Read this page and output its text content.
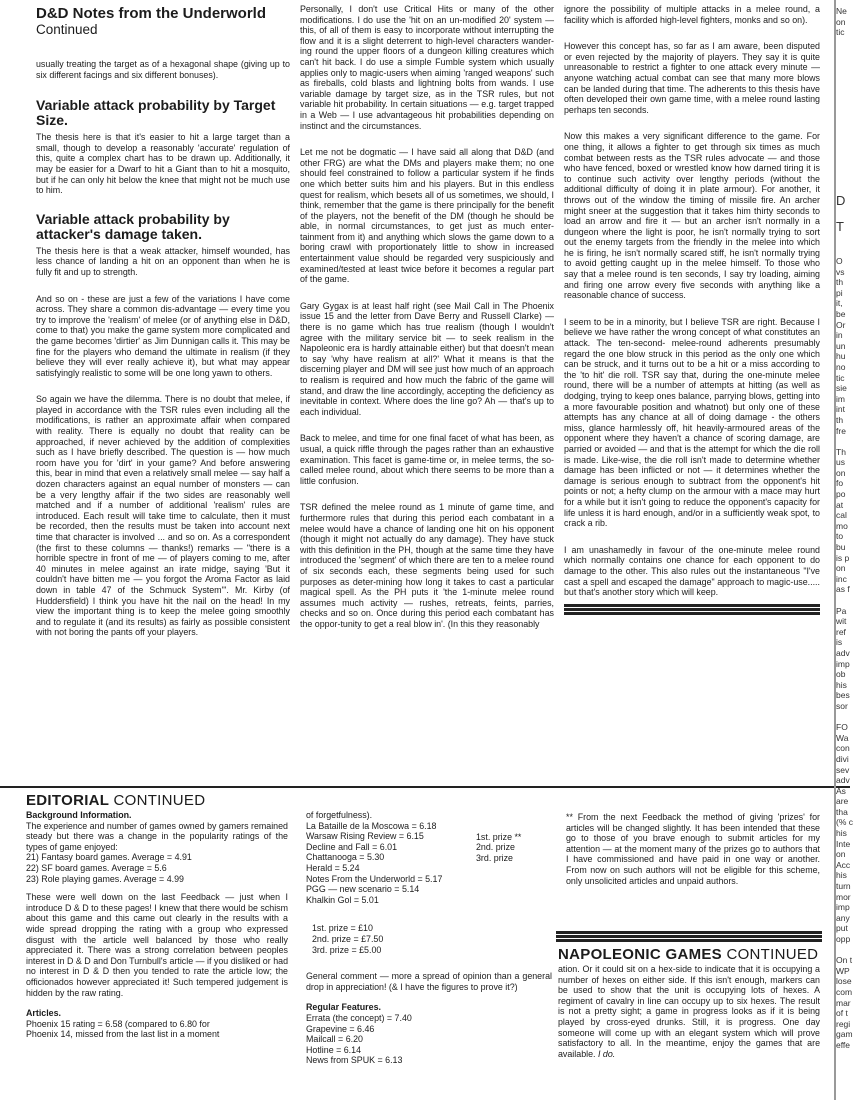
D&D Notes from the Underworld
Continued

usually treating the target as of a hexagonal shape (giving up to six different facings and six different bonuses).

Variable attack probability by Target Size.

The thesis here is that it's easier to hit a large target than a small, though to develop a reasonably 'accurate' regulation of this, quite a complex chart has to be drawn up. Additionally, it may be easier for a Dwarf to hit a Giant than to hit a mosquito, but if he can only hit below the knee that might not be much use to him.

Variable attack probability by attacker's damage taken.

The thesis here is that a weak attacker, himself wounded, has less chance of landing a hit on an opponent than when he is fully fit and up to strength.

And so on - these are just a few of the variations I have come across. They share a common dis-advantage — every time you try to improve the 'realism' of melee (or of anything else in D&D, come to that) you make the game system more complicated and the game becomes 'dirtier' as Jim Dunnigan calls it. This may be fine for the players who demand the ultimate in realism (if they believe they will ever really achieve it), but what may appear satisfyingly realistic to some will be one long yawn to others.

So again we have the dilemma. There is no doubt that melee, if played in accordance with the TSR rules even including all the modifications, is rather an approximate affair when compared with reality. There is equally no doubt that reality can be approached, if never achieved by the addition of complexities such as I have briefly described. The question is — how much room have you for 'dirt' in your game? And before answering this, bear in mind that even a relatively small melee — say half a dozen characters against an equal number of monsters — can be a very lengthy affair if the two sides are reasonably well matched and if a number of additional 'realism' rules are introduced. Each result will take time to calculate, then it must be recorded, then the results must be taken into account next time that character is involved ... and so on. As a correspondent (the first to these columns — thanks!) remarks — "there is a horrible spectre in front of me — of players coming to me, after 40 minutes in melee against an irate midge, saying 'But it couldn't have bitten me — you forgot the Aroma Factor as laid down in table 47 of the Schmuck System'". Mr. Kirby (of Huddersfield) I think you have hit the nail on the head! In my view the important thing is to keep the melee going smoothly and to regulate it (and its results) as fairly as possible consistent with not boring the pants off your players.

Personally, I don't use Critical Hits or many of the other modifications. I do use the 'hit on an un-modified 20' system — this, of all of them is easy to incorporate without interrupting the flow and it is a slight deterrent to high-level characters wander-ing round the upper floors of a dungeon killing creatures which can't hit back. I do use a simple Fumble system which usually applies only to magic-users when aiming 'ranged weapons' such as fireballs, cold blasts and lightning bolts from wands. I use variable damage by target size, as in the TSR rules, but not variable hit probability. In certain situations — e.g. target trapped in a Web — I use advantageous hit probabilities depending on instinct and the circumstances.

Let me not be dogmatic — I have said all along that D&D (and other FRG) are what the DMs and players make them; no one should feel constrained to follow a particular system if he finds one which better suits him and his players. But in this endless quest for realism, which besets all of us sometimes, we should, I think, remember that the game is there principally for the benefit of the players, not the benefit of the DM (though he should be able, in normal circumstances, to get just as much enter-tainment from it) and anything which slows the game down to a boring crawl with proportionately little to show in increased entertainment value should be regarded very suspiciously and examined/tested at least twice before it becomes a regular part of the game.

Gary Gygax is at least half right (see Mail Call in The Phoenix issue 15 and the letter from Dave Berry and Russell Clarke) — there is no game which has true realism (though I wouldn't agree with the military service bit — to seek realism in the Napoleonic era is hardly attainable either) but that doesn't mean to say 'why have realism at all?' What it means is that the discerning player and DM will see just how much of an approach to realism is required and how much the fabric of the game will stand, and draw the line accordingly, accepting the deficiency as inevitable in context. Where does the line go? Ah — that's up to each individual.

Back to melee, and time for one final facet of what has been, as usual, a quick riffle through the pages rather than an exhaustive examination. This facet is game-time or, in melee terms, the so-called melee round, about which there seems to be more than a little confusion.

TSR defined the melee round as 1 minute of game time, and furthermore rules that during this period each combatant in a melee would have a chance of landing one hit on his opponent (though it might not actually do any damage). They have stuck with this definition in the PH, though at the same time they have introduced the 'segment' of which there are ten to a melee round of six seconds each, these segments being used for such purposes as deter-mining how long it takes to cast a particular magical spell. As the PH puts it 'the 1-minute melee round assumes much activity — rushes, retreats, feints, parries, checks and so on. Once during this period each combatant has the oppor-tunity to get a real blow in'. (In this they reasonably

ignore the possibility of multiple attacks in a melee round, a facility which is afforded high-level fighters, monks and so on).

However this concept has, so far as I am aware, been disputed or even rejected by the majority of players. They say it is quite unreasonable to restrict a fighter to one attack every minute — anyone watching actual combat can see that many more blows can be landed during that time. The adherents to this thesis have often developed their own game time, with a melee round lasting perhaps ten seconds.

Now this makes a very significant difference to the game. For one thing, it allows a fighter to get through six times as much combat between rests as the TSR rules advocate — and those who have fenced, boxed or wrestled know how darned tiring it is to continue such activity over lengthy periods (without the additional difficulty of doing it in plate armour). For another, it throws out of the window the timing of missile fire. An archer might sneer at the suggestion that it takes him thirty seconds to load an arrow and fire it — but an archer isn't normally in a dungeon where the light is poor, he isn't normally trying to sort out the enemy targets from the friendly in the melee into which he is firing, he isn't normally scared stiff, he isn't normally trying to avoid getting caught up in the melee himself. To those who say that a melee round is ten seconds, I say try loading, aiming and firing one arrow every five seconds with anything like a reasonable chance of success.

I seem to be in a minority, but I believe TSR are right. Because I believe we have rather the wrong concept of what constitutes an attack. The ten-second- melee-round adherents presumably regard the one blow struck in this period as the only one which can be struck, and it turns out to be a hit or a miss according to the 'to hit' die roll. TSR say that, during the one-minute melee round, there will be a number of attempts at hitting (as well as dodging, trying to keep ones balance, parrying blows, getting into a more favourable position and whatnot) but only one of these attempts has any chance at all of doing damage - the others miss, glance harmlessly off, hit heavily-armoured areas of the opponent where they haven't a chance of scoring damage, are parried or avoided — and that is the attempt for which the die roll is made. Like-wise, the die roll isn't made to determine whether damage has been inflicted or not — it determines whether the damage is serious enough to subtract from the opponent's hit points or not; a hefty clump on the armour with a mace may hurt for a while but it isn't going to reduce the opponent's capacity for life unless it is hard enough, and/or in a sufficiently weak spot, to crack a rib.

I am unashamedly in favour of the one-minute melee round which normally contains one chance for each opponent to do damage to the other. This also rules out the instantaneous "I've cast a spell and escaped the damage" approach to magic-use..... but that's another story which will keep.

EDITORIAL CONTINUED
Background Information.

The experience and number of games owned by gamers remained steady but there was a change in the popularity ratings of the types of game enjoyed:

21) Fantasy board games. Average = 4.91
22) SF board games. Average = 5.6
23) Role playing games. Average = 4.99

These were well down on the last Feedback — just when I introduce D & D to these pages! I knew that there would be schism about this game and this came out clearly in the results with a wide spread dropping the rating with a group who expressed disgust with the article well balanced by those who really appreciated it. There was a strong correlation between peoples interest in D & D and Don Turnbull's article — if you disliked or had no interest in D & D then you tended to rate the article low; the officionados however appreciated it! Such tempered judgement is hidden by the raw rating.

Articles.
Phoenix 15 rating = 6.58 (compared to 6.80 for
Phoenix 14, missed from the last list in a moment
of forgetfulness).
La Bataille de la Moscowa = 6.18
Warsaw Rising Review = 6.15
Decline and Fall = 6.01
Chattanooga = 5.30
Herald = 5.24
Notes From the Underworld = 5.17
PGG — new scenario = 5.14
Khalkin Gol = 5.01
1st. prize **
2nd. prize
3rd. prize
1st. prize = £10
2nd. prize = £7.50
3rd. prize = £5.00

General comment — more a spread of opinion than a general drop in appreciation! (& I have the figures to prove it?)

Regular Features.
Errata (the concept) = 7.40
Grapevine = 6.46
Mailcall = 6.20
Hotline = 6.14
News from SPUK = 6.13

** From the next Feedback the method of giving 'prizes' for articles will be changed slightly. It has been intended that these go to those of you brave enough to submit articles for my attention — at the moment many of the prizes go to authors that I have commissioned and have paid in one way or another. From now on such authors will not be eligible for this scheme, only unsolicited articles and unpaid authors.

NAPOLEONIC GAMES CONTINUED

ation. Or it could sit on a hex-side to indicate that it is occupying a number of hexes on either side. If this isn't enough, markers can be used to show that the unit is occupying lots of hexes. A regiment of cavalry in line can occupy up to six hexes. The result is not a pretty sight; a game in progress looks as if it is being played by cross-eyed drunks. Still, it is progress. One day someone will come up with an elegant system which will prove satisfactory to all. In the meantime, enjoy the games that are available. I do.

Ne
on
tic
D
T
O
vs
th
pi
it,
be
Or
in
un
hu
no
tic
sie
im
int
th
fre

Th
us
on
fo
po
at
cal
mo
to
bu
is p
on
inc
as f

Pa
wit
ref
is
adv
imp
ob
his
bes
sor

FO
Wa
con
divi
sev
adv
As
are
tha
(% c
his
Inte
on
Acc
his
turn
mor
imp
any
put
opp

On t
WP
lose
com
mar
of t
regi
gam
effe
